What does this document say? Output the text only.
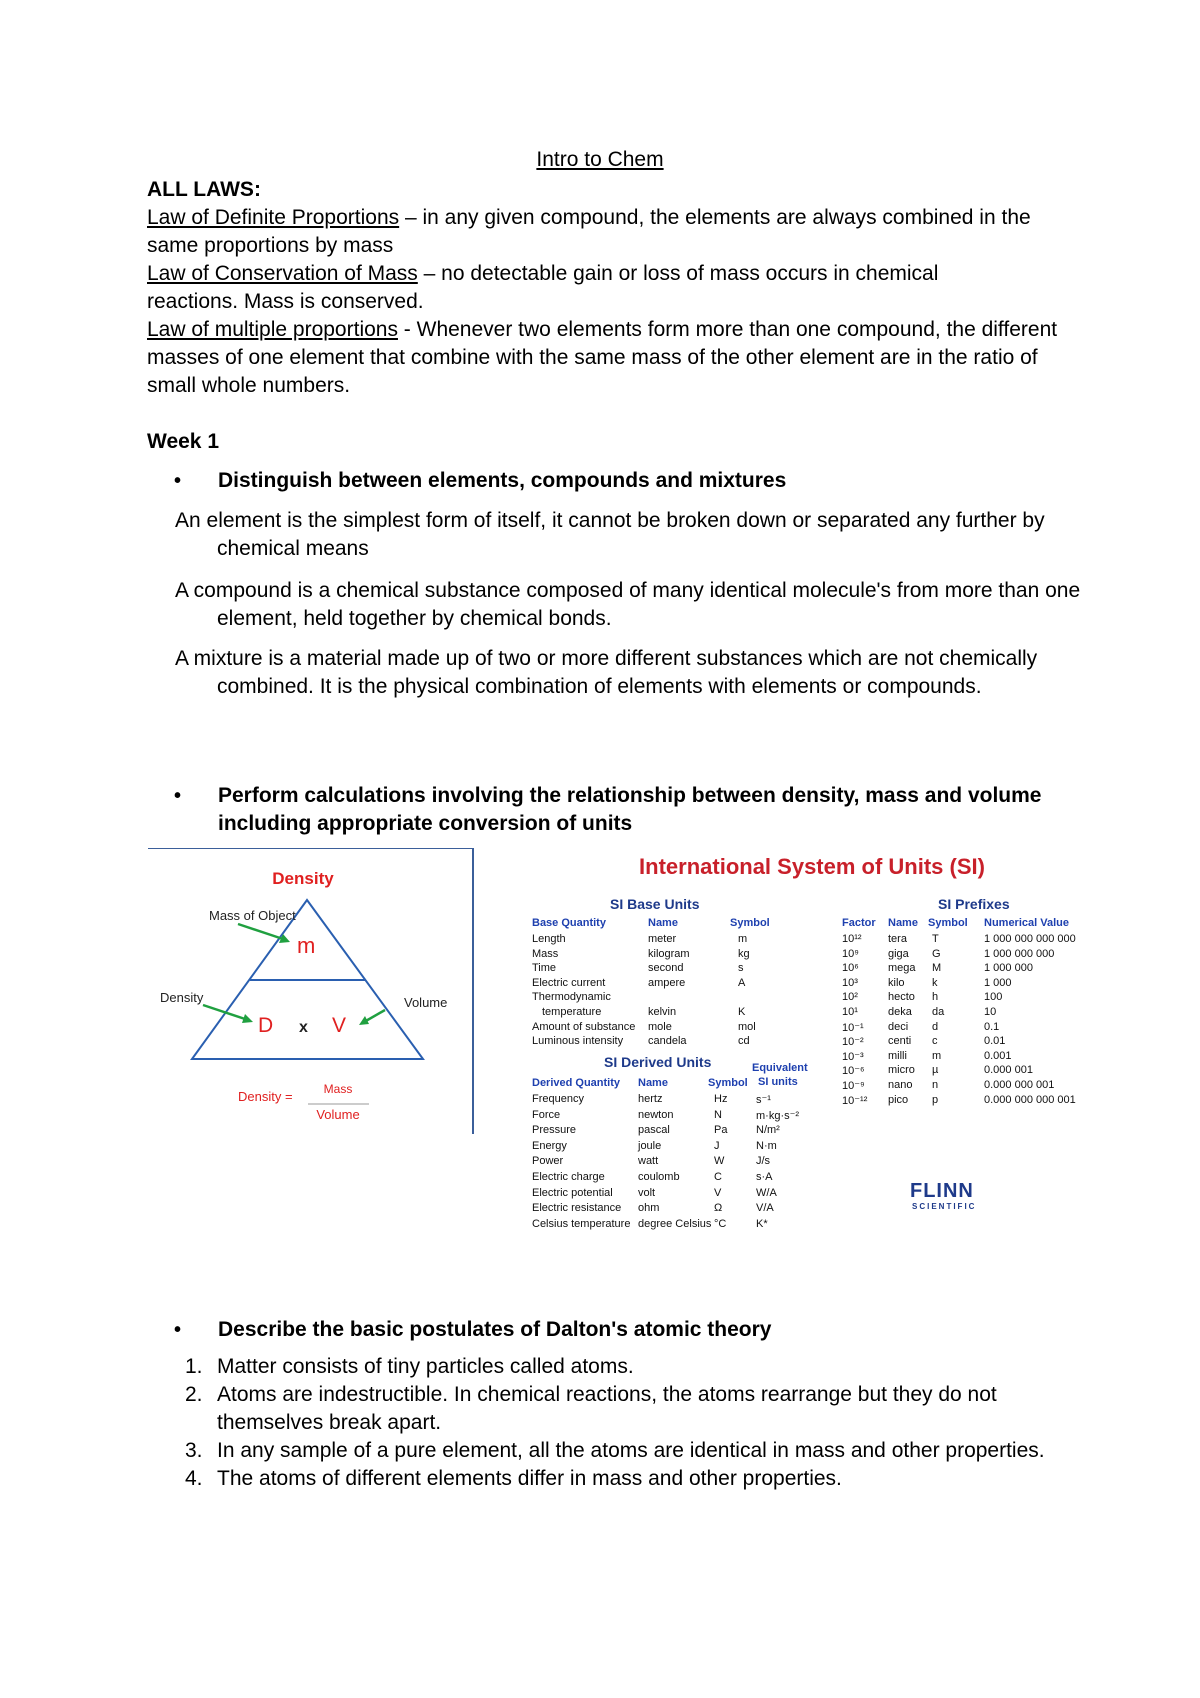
Intro to Chem
ALL LAWS:
Law of Definite Proportions – in any given compound, the elements are always combined in the same proportions by mass
Law of Conservation of Mass – no detectable gain or loss of mass occurs in chemical reactions. Mass is conserved.
Law of multiple proportions - Whenever two elements form more than one compound, the different masses of one element that combine with the same mass of the other element are in the ratio of small whole numbers.
Week 1
• Distinguish between elements, compounds and mixtures
An element is the simplest form of itself, it cannot be broken down or separated any further by chemical means
A compound is a chemical substance composed of many identical molecule's from more than one element, held together by chemical bonds.
A mixture is a material made up of two or more different substances which are not chemically combined. It is the physical combination of elements with elements or compounds.
• Perform calculations involving the relationship between density, mass and volume including appropriate conversion of units
Density
Mass of Object
m
Density
D x V
Volume
Density =	Mass
Volume
International System of Units (SI)
SI Base Units
Base Quantity	Name	Symbol
Length	meter	m
Mass	kilogram	kg
Time	second	s
Electric current	ampere	A
Thermodynamic
temperature	kelvin	K
Amount of substance mole	mol
Luminous intensity candela	cd
SI Derived Units
Derived Quantity Name	Symbol
Equivalent
SI units
Frequency	hertz	Hz	s⁻¹
Force	newton	N	m·kg·s⁻²
Pressure	pascal	Pa	N/m²
Energy	joule	J	N·m
Power	watt	W	J/s
Electric charge	coulomb	C	s·A
Electric potential volt	V	W/A
Electric resistance ohm	Ω	V/A
Celsius temperature degree Celsius °C	K*
SI Prefixes
Factor Name Symbol Numerical Value
10¹² tera T	1 000 000 000 000
10⁹	giga G	1 000 000 000
10⁶	mega M	1 000 000
10³	kilo k	1 000
10²	hecto h	100
10¹	deka da	10
10⁻¹ deci d	0.1
10⁻² centi c	0.01
10⁻³ milli m	0.001
10⁻⁶ micro µ	0.000 001
10⁻⁹ nano n	0.000 000 001
10⁻¹² pico p	0.000 000 000 001
FLINN
SCIENTIFIC
• Describe the basic postulates of Dalton's atomic theory
1. Matter consists of tiny particles called atoms.
2. Atoms are indestructible. In chemical reactions, the atoms rearrange but they do not themselves break apart.
3. In any sample of a pure element, all the atoms are identical in mass and other properties.
4. The atoms of different elements differ in mass and other properties.
